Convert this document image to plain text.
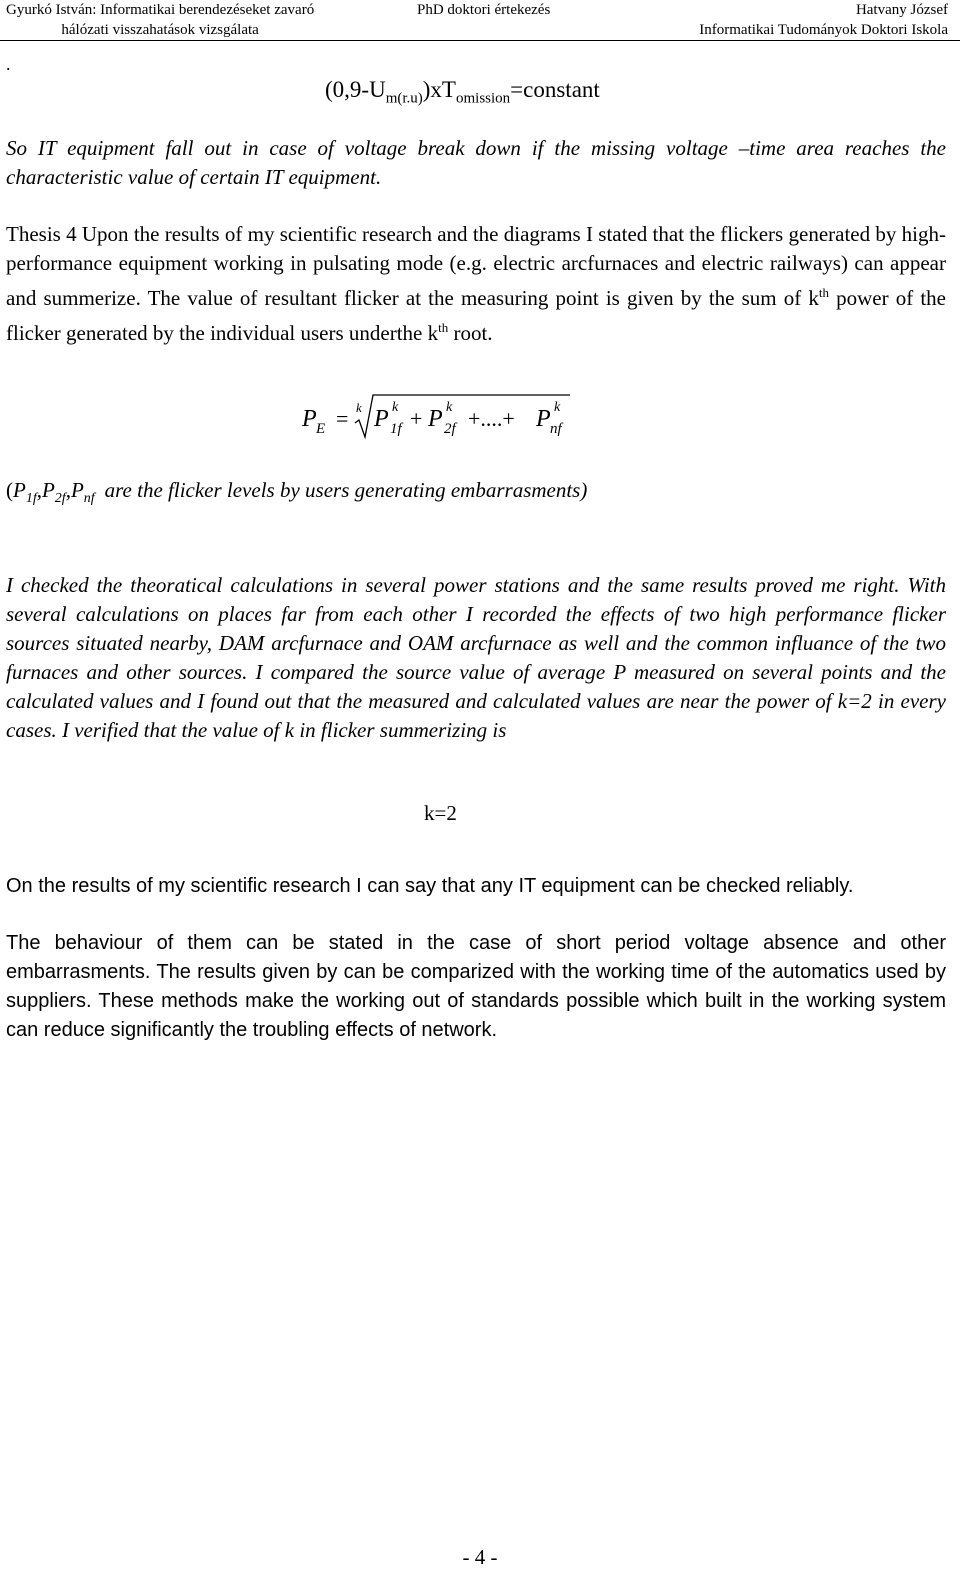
Gyurkó István: Informatikai berendezéseket zavaró
hálózati visszahatások vizsgálata
PhD doktori értekezés	Hatvany József
Informatikai Tudományok Doktori Iskola
.
$(0,9-U_{m(r.u)})xT_{omission}=constant$

So IT equipment fall out in case of voltage break down if the missing voltage –time area reaches the characteristic value of certain IT equipment.

Thesis 4 Upon the results of my scientific research and the diagrams I stated that the flickers generated by high-performance equipment working in pulsating mode (e.g. electric arcfurnaces and electric railways) can appear and summerize. The value of resultant flicker at the measuring point is given by the sum of $k^{th}$ power of the flicker generated by the individual users underthe $k^{th}$ root.

P E = k P k
1f + P k
2f +....+ P k
nf
($P_{1f},P_{2f},P_{nf}$ are the flicker levels by users generating embarrasments)

I checked the theoratical calculations in several power stations and the same results proved me right. With several calculations on places far from each other I recorded the effects of two high performance flicker sources situated nearby, DAM arcfurnace and OAM arcfurnace as well and the common influance of the two furnaces and other sources. I compared the source value of average P measured on several points and the calculated values and I found out that the measured and calculated values are near the power of k=2 in every cases. I verified that the value of k in flicker summerizing is

k=2

On the results of my scientific research I can say that any IT equipment can be checked reliably.

The behaviour of them can be stated in the case of short period voltage absence and other embarrasments. The results given by can be comparized with the working time of the automatics used by suppliers. These methods make the working out of standards possible which built in the working system can reduce significantly the troubling effects of network.

- 4 -
